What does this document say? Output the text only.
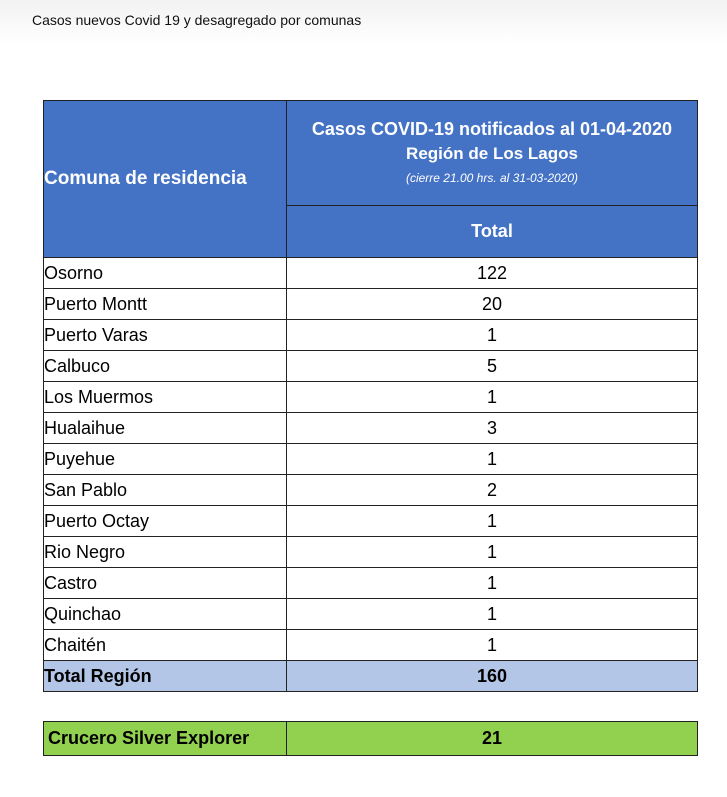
Casos nuevos Covid 19 y desagregado por comunas
Comuna de residencia	Casos COVID-19 notificados al 01-04-2020
Región de Los Lagos
(cierre 21.00 hrs. al 31-03-2020)

	Total
Osorno	122
Puerto Montt	20
Puerto Varas	1
Calbuco	5
Los Muermos	1
Hualaihue	3
Puyehue	1
San Pablo	2
Puerto Octay	1
Rio Negro	1
Castro	1
Quinchao	1
Chaitén	1
Total Región	160
Crucero Silver Explorer	21
